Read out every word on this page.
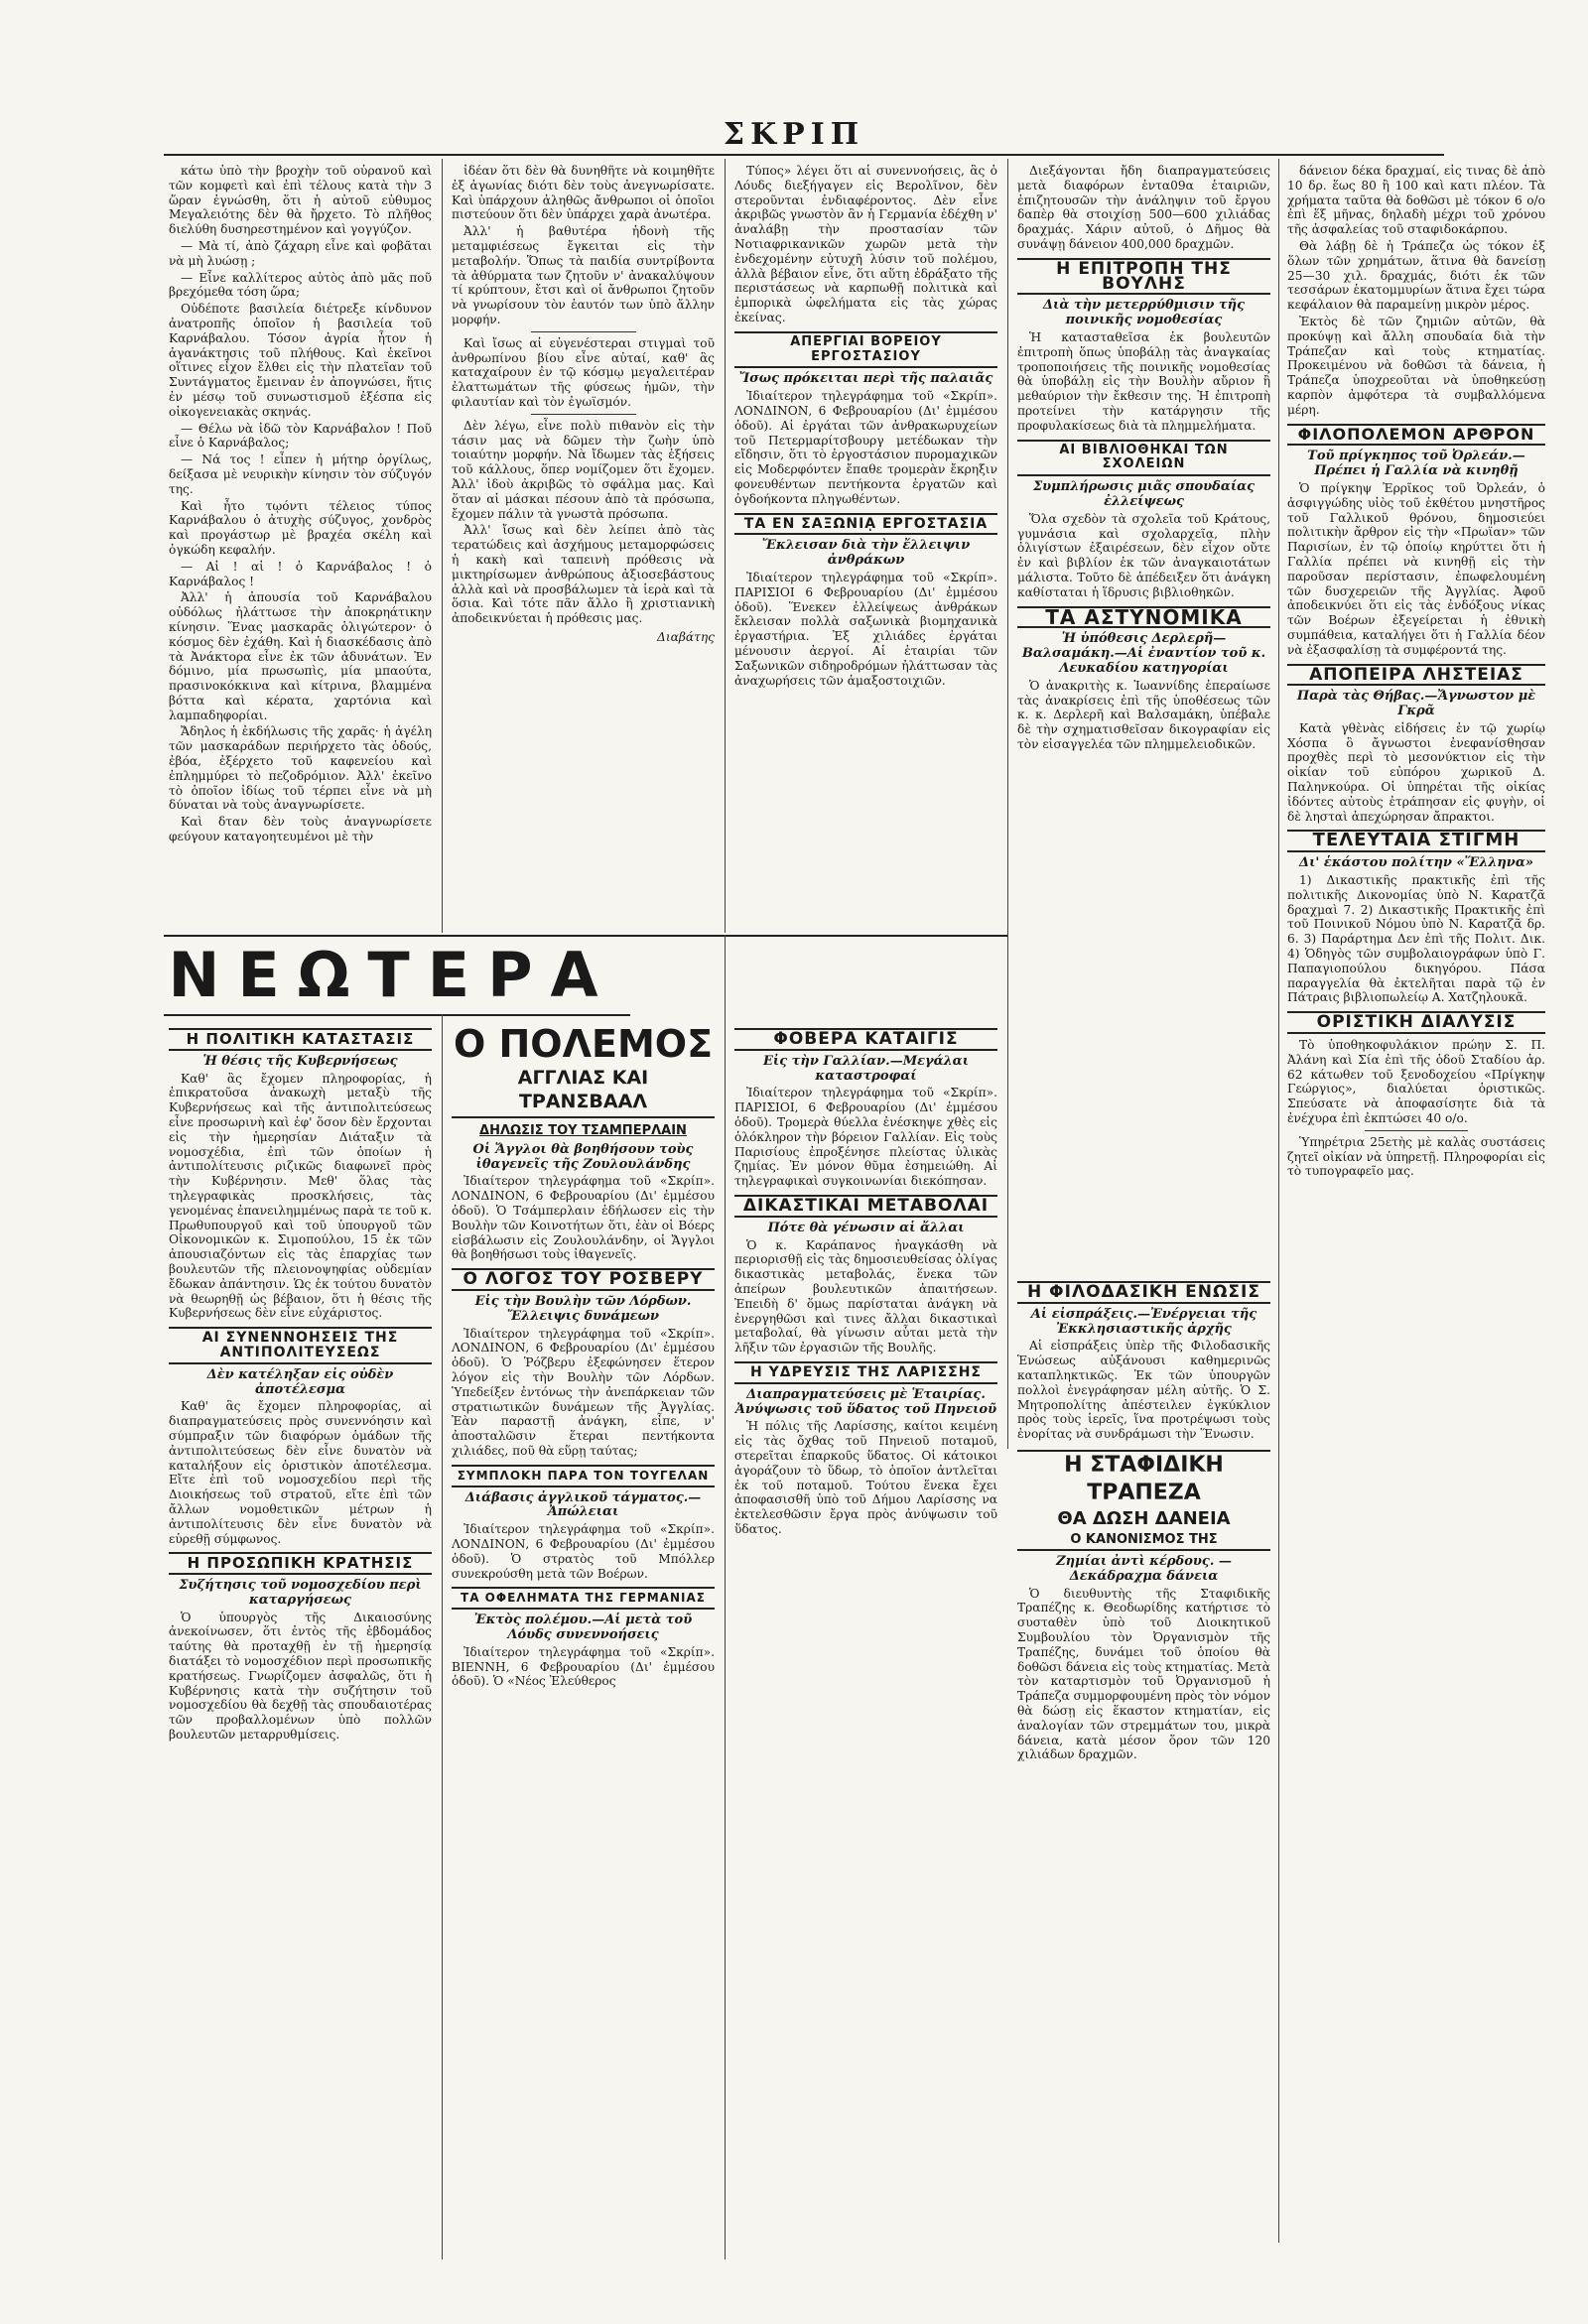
ΣΚΡΙΠ

κάτω ὑπὸ τὴν βροχὴν τοῦ οὐρανοῦ καὶ τῶν κομφετὶ καὶ ἐπὶ τέλους κατὰ τὴν 3 ὥραν ἐγνώσθη, ὅτι ἡ αὐτοῦ εὐθυμος Μεγαλειότης δὲν θὰ ἤρχετο. Τὸ πλῆθος διελύθη δυσηρεστημένον καὶ γογγύζον.

— Μὰ τί, ἀπὸ ζάχαρη εἶνε καὶ φοβᾶται νὰ μὴ λυώσῃ ;

— Εἶνε καλλίτερος αὐτὸς ἀπὸ μᾶς ποῦ βρεχόμεθα τόση ὥρα;

Οὐδέποτε βασιλεία διέτρεξε κίνδυνον ἀνατροπῆς ὁποῖον ἡ βασιλεία τοῦ Καρνάβαλου. Τόσον ἀγρία ἦτον ἡ ἀγανάκτησις τοῦ πλήθους. Καὶ ἐκεῖνοι οἵτινες εἶχον ἔλθει εἰς τὴν πλατεῖαν τοῦ Συντάγματος ἔμειναν ἐν ἀπογνώσει, ἥτις ἐν μέσῳ τοῦ συνωστισμοῦ ἐξέσπα εἰς οἰκογενειακὰς σκηνάς.

— Θέλω νὰ ἰδῶ τὸν Καρνάβαλον ! Ποῦ εἶνε ὁ Καρνάβαλος;

— Νά τος ! εἶπεν ἡ μήτηρ ὀργίλως, δείξασα μὲ νευρικὴν κίνησιν τὸν σύζυγόν της.

Καὶ ἦτο τῳόντι τέλειος τύπος Καρνάβαλου ὁ ἀτυχὴς σύζυγος, χονδρὸς καὶ προγάστωρ μὲ βραχέα σκέλη καὶ ὀγκώδη κεφαλήν.

— Αἱ ! αἱ ! ὁ Καρνάβαλος ! ὁ Καρνάβαλος !

Ἀλλ' ἡ ἀπουσία τοῦ Καρνάβαλου οὐδόλως ἠλάττωσε τὴν ἀποκρηάτικην κίνησιν. Ἕνας μασκαρᾶς ὁλιγώτερον· ὁ κόσμος δὲν ἐχάθη. Καὶ ἡ διασκέδασις ἀπὸ τὰ Ἀνάκτορα εἶνε ἐκ τῶν ἀδυνάτων. Ἐν δόμινο, μία πρωσωπὶς, μία μπαούτα, πρασινοκόκκινα καὶ κίτρινα, βλαμμένα βόττα καὶ κέρατα, χαρτόνια καὶ λαμπαδηφορίαι.

Ἄδηλος ἡ ἐκδήλωσις τῆς χαρᾶς· ἡ ἀγέλη τῶν μασκαράδων περιήρχετο τὰς ὁδούς, ἐβόα, ἐξέρχετο τοῦ καφενείου καὶ ἐπλημμύρει τὸ πεζοδρόμιον. Ἀλλ' ἐκεῖνο τὸ ὁποῖον ἰδίως τοῦ τέρπει εἶνε νὰ μὴ δύναται νὰ τοὺς ἀναγνωρίσετε.

Καὶ δταν δὲν τοὺς ἀναγνωρίσετε φεύγουν καταγοητευμένοι μὲ τὴν

ἰδέαν ὅτι δὲν θὰ δυνηθῆτε νὰ κοιμηθῆτε ἐξ ἀγωνίας διότι δὲν τοὺς ἀνεγνωρίσατε. Καὶ ὑπάρχουν ἀληθῶς ἄνθρωποι οἱ ὁποῖοι πιστεύουν ὅτι δὲν ὑπάρχει χαρὰ ἀνωτέρα.

Ἀλλ' ἡ βαθυτέρα ἡδονὴ τῆς μεταμφιέσεως ἔγκειται εἰς τὴν μεταβολήν. Ὅπως τὰ παιδία συντρίβοντα τὰ ἀθύρματα των ζητοῦν ν' ἀνακαλύψουν τί κρύπτουν, ἔτσι καὶ οἱ ἄνθρωποι ζητοῦν νὰ γνωρίσουν τὸν ἑαυτόν των ὑπὸ ἄλλην μορφήν.

Καὶ ἴσως αἱ εὐγενέστεραι στιγμαὶ τοῦ ἀνθρωπίνου βίου εἶνε αὐταί, καθ' ἃς καταχαίρουν ἐν τῷ κόσμῳ μεγαλειτέραν ἐλαττωμάτων τῆς φύσεως ἡμῶν, τὴν φιλαυτίαν καὶ τὸν ἐγωϊσμόν.

Δὲν λέγω, εἶνε πολὺ πιθανὸν εἰς τὴν τάσιν μας νὰ δῶμεν τὴν ζωὴν ὑπὸ τοιαύτην μορφήν. Νὰ ἴδωμεν τὰς ἐξήσεις τοῦ κάλλους, ὅπερ νομίζομεν ὅτι ἔχομεν. Ἀλλ' ἰδοὺ ἀκριβῶς τὸ σφάλμα μας. Καὶ ὅταν αἱ μάσκαι πέσουν ἀπὸ τὰ πρόσωπα, ἔχομεν πάλιν τὰ γνωστὰ πρόσωπα.

Ἀλλ' ἴσως καὶ δὲν λείπει ἀπὸ τὰς τερατώδεις καὶ ἀσχήμους μεταμορφώσεις ἡ κακὴ καὶ ταπεινὴ πρόθεσις νὰ μικτηρίσωμεν ἀνθρώπους ἀξιοσεβάστους ἀλλὰ καὶ νὰ προσβάλωμεν τὰ ἱερὰ καὶ τὰ ὅσια. Καὶ τότε πᾶν ἄλλο ἢ χριστιανικὴ ἀποδεικνύεται ἡ πρόθεσις μας.

Διαβάτης

Τύπος» λέγει ὅτι αἱ συνεννοήσεις, ἃς ὁ Λόυδς διεξήγαγεν εἰς Βερολῖνον, δὲν στεροῦνται ἐνδιαφέροντος. Δὲν εἶνε ἀκριβῶς γνωστὸν ἂν ἡ Γερμανία ἐδέχθη ν' ἀναλάβῃ τὴν προστασίαν τῶν Νοτιαφρικανικῶν χωρῶν μετὰ τὴν ἐνδεχομένην εὐτυχῆ λύσιν τοῦ πολέμου, ἀλλὰ βέβαιον εἶνε, ὅτι αὕτη ἐδράξατο τῆς περιστάσεως νὰ καρπωθῇ πολιτικὰ καὶ ἐμπορικὰ ὠφελήματα εἰς τὰς χώρας ἐκείνας.

ΑΠΕΡΓΙΑΙ ΒΟΡΕΙΟΥ ΕΡΓΟΣΤΑΣΙΟΥ
Ἴσως πρόκειται περὶ τῆς παλαιᾶς

Ἰδιαίτερον τηλεγράφημα τοῦ «Σκρίπ». ΛΟΝΔΙΝΟΝ, 6 Φεβρουαρίου (Δι' ἐμμέσου ὁδοῦ). Αἱ ἐργάται τῶν ἀνθρακωρυχείων τοῦ Πετερμαρίτσβουργ μετέδωκαν τὴν εἴδησιν, ὅτι τὸ ἐργοστάσιον πυρομαχικῶν εἰς Μοδερφόντεν ἔπαθε τρομερὰν ἔκρηξιν φονευθέντων πεντήκοντα ἐργατῶν καὶ ὀγδοήκοντα πληγωθέντων.

ΤΑ ΕΝ ΣΑΞΩΝΙᾼ ΕΡΓΟΣΤΑΣΙΑ
Ἔκλεισαν διὰ τὴν ἔλλειψιν ἀνθράκων

Ἰδιαίτερον τηλεγράφημα τοῦ «Σκρίπ». ΠΑΡΙΣΙΟΙ 6 Φεβρουαρίου (Δι' ἐμμέσου ὁδοῦ). Ἕνεκεν ἐλλείψεως ἀνθράκων ἔκλεισαν πολλὰ σαξωνικὰ βιομηχανικὰ ἐργαστήρια. Ἐξ χιλιάδες ἐργάται μένουσιν ἀεργοί. Αἱ ἑταιρίαι τῶν Σαξωνικῶν σιδηροδρόμων ἠλάττωσαν τὰς ἀναχωρήσεις τῶν ἁμαξοστοιχιῶν.

Διεξάγονται ἤδη διαπραγματεύσεις μετὰ διαφόρων ἐντα09α ἑταιριῶν, ἐπιζητουσῶν τὴν ἀνάληψιν τοῦ ἔργου δαπὲρ θὰ στοιχίσῃ 500—600 χιλιάδας δραχμάς. Χάριν αὐτοῦ, ὁ Δῆμος θὰ συνάψῃ δάνειον 400,000 δραχμῶν.

Η ΕΠΙΤΡΟΠΗ ΤΗΣ ΒΟΥΛΗΣ
Διὰ τὴν μετερρύθμισιν τῆς ποινικῆς νομοθεσίας

Ἡ κατασταθεῖσα ἐκ βουλευτῶν ἐπιτροπὴ ὅπως ὑποβάλῃ τὰς ἀναγκαίας τροποποιήσεις τῆς ποινικῆς νομοθεσίας θὰ ὑποβάλῃ εἰς τὴν Βουλὴν αὔριον ἢ μεθαύριον τὴν ἔκθεσιν της. Ἡ ἐπιτροπὴ προτείνει τὴν κατάργησιν τῆς προφυλακίσεως διὰ τὰ πλημμελήματα.

ΑΙ ΒΙΒΛΙΟΘΗΚΑΙ ΤΩΝ ΣΧΟΛΕΙΩΝ
Συμπλήρωσις μιᾶς σπουδαίας ἐλλείψεως

Ὅλα σχεδὸν τὰ σχολεῖα τοῦ Κράτους, γυμνάσια καὶ σχολαρχεῖα, πλὴν ὀλιγίστων ἐξαιρέσεων, δὲν εἶχον οὔτε ἐν καὶ βιβλίον ἐκ τῶν ἀναγκαιοτάτων μάλιστα. Τοῦτο δὲ ἀπέδειξεν ὅτι ἀνάγκη καθίσταται ἡ ἵδρυσις βιβλιοθηκῶν.

ΤΑ ΑΣΤΥΝΟΜΙΚΑ
Ἡ ὑπόθεσις Δερλερῆ—Βαλσαμάκη.—Αἱ ἐναντίον τοῦ κ. Λευκαδίου κατηγορίαι

Ὁ ἀνακριτὴς κ. Ἰωαννίδης ἐπεραίωσε τὰς ἀνακρίσεις ἐπὶ τῆς ὑποθέσεως τῶν κ. κ. Δερλερῆ καὶ Βαλσαμάκη, ὑπέβαλε δὲ τὴν σχηματισθεῖσαν δικογραφίαν εἰς τὸν εἰσαγγελέα τῶν πλημμελειοδικῶν.

δάνειον δέκα δραχμαί, εἰς τινας δὲ ἀπὸ 10 δρ. ἕως 80 ἢ 100 καὶ κατι πλέον. Τὰ χρήματα ταῦτα θὰ δοθῶσι μὲ τόκον 6 ο/ο ἐπὶ ἕξ μῆνας, δηλαδὴ μέχρι τοῦ χρόνου τῆς ἀσφαλείας τοῦ σταφιδοκάρπου.

Θὰ λάβῃ δὲ ἡ Τράπεζα ὡς τόκον ἐξ ὅλων τῶν χρημάτων, ἅτινα θὰ δανείσῃ 25—30 χιλ. δραχμάς, διότι ἐκ τῶν τεσσάρων ἑκατομμυρίων ἅτινα ἔχει τώρα κεφάλαιον θὰ παραμείνῃ μικρὸν μέρος.

Ἐκτὸς δὲ τῶν ζημιῶν αὐτῶν, θὰ προκύψῃ καὶ ἄλλη σπουδαία διὰ τὴν Τράπεζαν καὶ τοὺς κτηματίας. Προκειμένου νὰ δοθῶσι τὰ δάνεια, ἡ Τράπεζα ὑποχρεοῦται νὰ ὑποθηκεύσῃ καρπὸν ἀμφότερα τὰ συμβαλλόμενα μέρη.

ΦΙΛΟΠΟΛΕΜΟΝ ΑΡΘΡΟΝ
Τοῦ πρίγκηπος τοῦ Ὀρλεάν.— Πρέπει ἡ Γαλλία νὰ κινηθῇ

Ὁ πρίγκηψ Ἐρρῖκος τοῦ Ὀρλεάν, ὁ ἀσφιγγώδης υἱὸς τοῦ ἐκθέτου μνηστῆρος τοῦ Γαλλικοῦ θρόνου, δημοσιεύει πολιτικὴν ἄρθρον εἰς τὴν «Πρωϊαν» τῶν Παρισίων, ἐν τῷ ὁποίῳ κηρύττει ὅτι ἡ Γαλλία πρέπει νὰ κινηθῇ εἰς τὴν παροῦσαν περίστασιν, ἐπωφελουμένη τῶν δυσχερειῶν τῆς Ἀγγλίας. Ἀφοῦ ἀποδεικνύει ὅτι εἰς τὰς ἐνδόξους νίκας τῶν Βοέρων ἐξεγείρεται ἡ ἐθνικὴ συμπάθεια, καταλήγει ὅτι ἡ Γαλλία δέον νὰ ἐξασφαλίσῃ τὰ συμφέροντά της.

ΑΠΟΠΕΙΡΑ ΛΗΣΤΕΙΑΣ
Παρὰ τὰς Θήβας.—Ἄγνωστον μὲ Γκρᾶ

Κατὰ γθὲνὰς εἰδήσεις ἐν τῷ χωρίῳ Χόσπα ὃ ἄγνωστοι ἐνεφανίσθησαν προχθὲς περὶ τὸ μεσονύκτιον εἰς τὴν οἰκίαν τοῦ εὐπόρου χωρικοῦ Δ. Παληνκούρα. Οἱ ὑπηρέται τῆς οἰκίας ἰδόντες αὐτοὺς ἐτράπησαν εἰς φυγὴν, οἱ δὲ λησταὶ ἀπεχώρησαν ἄπρακτοι.

ΤΕΛΕΥΤΑΙΑ ΣΤΙΓΜΗ
Δι' ἑκάστου πολίτην «Ἕλληνα»

1) Δικαστικῆς πρακτικῆς ἐπὶ τῆς πολιτικῆς Δικονομίας ὑπὸ Ν. Καρατζᾶ δραχμαὶ 7. 2) Δικαστικῆς Πρακτικῆς ἐπὶ τοῦ Ποινικοῦ Νόμου ὑπὸ Ν. Καρατζᾶ δρ. 6. 3) Παράρτημα Δεν ἐπὶ τῆς Πολιτ. Δικ. 4) Ὁδηγὸς τῶν συμβολαιογράφων ὑπὸ Γ. Παπαγιοπούλου δικηγόρου. Πάσα παραγγελία θὰ ἐκτελῆται παρὰ τῷ ἐν Πάτραις βιβλιοπωλείῳ Α. Χατζηλουκᾶ.

ΟΡΙΣΤΙΚΗ ΔΙΑΛΥΣΙΣ

Τὸ ὑποθηκοφυλάκιον πρώην Σ. Π. Ἀλάνη καὶ Σία ἐπὶ τῆς ὁδοῦ Σταδίου ἀρ. 62 κάτωθεν τοῦ ξενοδοχείου «Πρίγκηψ Γεώργιος», διαλύεται ὁριστικῶς. Σπεύσατε νὰ ἀποφασίσητε διὰ τὰ ἐνέχυρα ἐπὶ ἐκπτώσει 40 ο/ο.

Ὑπηρέτρια 25ετὴς μὲ καλὰς συστάσεις ζητεῖ οἰκίαν νὰ ὑπηρετῇ. Πληροφορίαι εἰς τὸ τυπογραφεῖο μας.

ΝΕΩΤΕΡΑ
Η ΠΟΛΙΤΙΚΗ ΚΑΤΑΣΤΑΣΙΣ
Ἡ θέσις τῆς Κυβερνήσεως

Καθ' ἃς ἔχομεν πληροφορίας, ἡ ἐπικρατοῦσα ἀνακωχὴ μεταξὺ τῆς Κυβερνήσεως καὶ τῆς ἀντιπολιτεύσεως εἶνε προσωρινὴ καὶ ἐφ' ὅσον δὲν ἔρχονται εἰς τὴν ἡμερησίαν Διάταξιν τὰ νομοσχέδια, ἐπὶ τῶν ὁποίων ἡ ἀντιπολίτευσις ριζικῶς διαφωνεῖ πρὸς τὴν Κυβέρνησιν. Μεθ' ὅλας τὰς τηλεγραφικὰς προσκλήσεις, τὰς γενομένας ἐπανειλημμένως παρὰ τε τοῦ κ. Πρωθυπουργοῦ καὶ τοῦ ὑπουργοῦ τῶν Οἰκονομικῶν κ. Σιμοπούλου, 15 ἐκ τῶν ἀπουσιαζόντων εἰς τὰς ἐπαρχίας των βουλευτῶν τῆς πλειονοψηφίας οὐδεμίαν ἔδωκαν ἀπάντησιν. Ὡς ἐκ τούτου δυνατὸν νὰ θεωρηθῇ ὡς βέβαιον, ὅτι ἡ θέσις τῆς Κυβερνήσεως δὲν εἶνε εὐχάριστος.

ΑΙ ΣΥΝΕΝΝΟΗΣΕΙΣ ΤΗΣ ΑΝΤΙΠΟΛΙΤΕΥΣΕΩΣ
Δὲν κατέληξαν εἰς οὐδὲν ἀποτέλεσμα

Καθ' ἃς ἔχομεν πληροφορίας, αἱ διαπραγματεύσεις πρὸς συνεννόησιν καὶ σύμπραξιν τῶν διαφόρων ὁμάδων τῆς ἀντιπολιτεύσεως δὲν εἶνε δυνατὸν νὰ καταλήξουν εἰς ὁριστικὸν ἀποτέλεσμα. Εἴτε ἐπὶ τοῦ νομοσχεδίου περὶ τῆς Διοικήσεως τοῦ στρατοῦ, εἴτε ἐπὶ τῶν ἄλλων νομοθετικῶν μέτρων ἡ ἀντιπολίτευσις δὲν εἶνε δυνατὸν νὰ εὑρεθῇ σύμφωνος.

Η ΠΡΟΣΩΠΙΚΗ ΚΡΑΤΗΣΙΣ
Συζήτησις τοῦ νομοσχεδίου περὶ καταργήσεως

Ὁ ὑπουργὸς τῆς Δικαιοσύνης ἀνεκοίνωσεν, ὅτι ἐντὸς τῆς ἑβδομάδος ταύτης θὰ προταχθῇ ἐν τῇ ἡμερησίᾳ διατάξει τὸ νομοσχέδιον περὶ προσωπικῆς κρατήσεως. Γνωρίζομεν ἀσφαλῶς, ὅτι ἡ Κυβέρνησις κατὰ τὴν συζήτησιν τοῦ νομοσχεδίου θὰ δεχθῇ τὰς σπουδαιοτέρας τῶν προβαλλομένων ὑπὸ πολλῶν βουλευτῶν μεταρρυθμίσεις.

Ο ΠΟΛΕΜΟΣ
ΑΓΓΛΙΑΣ ΚΑΙ ΤΡΑΝΣΒΑΑΛ
ΔΗΛΩΣΙΣ ΤΟΥ ΤΣΑΜΠΕΡΛΑΙΝ
Οἱ Ἄγγλοι θὰ βοηθήσουν τοὺς ἰθαγενεῖς τῆς Ζουλουλάνδης

Ἰδιαίτερον τηλεγράφημα τοῦ «Σκρίπ». ΛΟΝΔΙΝΟΝ, 6 Φεβρουαρίου (Δι' ἐμμέσου ὁδοῦ). Ὁ Τσάμπερλαιν ἐδήλωσεν εἰς τὴν Βουλὴν τῶν Κοινοτήτων ὅτι, ἐὰν οἱ Βόερς εἰσβάλωσιν εἰς Ζουλουλάνδην, οἱ Ἄγγλοι θὰ βοηθήσωσι τοὺς ἰθαγενεῖς.

Ο ΛΟΓΟΣ ΤΟΥ ΡΟΣΒΕΡΥ
Εἰς τὴν Βουλὴν τῶν Λόρδων. Ἔλλειψις δυνάμεων

Ἰδιαίτερον τηλεγράφημα τοῦ «Σκρίπ». ΛΟΝΔΙΝΟΝ, 6 Φεβρουαρίου (Δι' ἐμμέσου ὁδοῦ). Ὁ Ῥόζβερυ ἐξεφώνησεν ἕτερον λόγον εἰς τὴν Βουλὴν τῶν Λόρδων. Ὑπεδείξεν ἐντόνως τὴν ἀνεπάρκειαν τῶν στρατιωτικῶν δυνάμεων τῆς Ἀγγλίας. Ἐὰν παραστῇ ἀνάγκη, εἶπε, ν' ἀποσταλῶσιν ἕτεραι πεντήκοντα χιλιάδες, ποῦ θὰ εὕρῃ ταύτας;

ΣΥΜΠΛΟΚΗ ΠΑΡΑ ΤΟΝ ΤΟΥΓΕΛΑΝ
Διάβασις ἀγγλικοῦ τάγματος.— Ἀπώλειαι

Ἰδιαίτερον τηλεγράφημα τοῦ «Σκρίπ». ΛΟΝΔΙΝΟΝ, 6 Φεβρουαρίου (Δι' ἐμμέσου ὁδοῦ). Ὁ στρατὸς τοῦ Μπόλλερ συνεκρούσθη μετὰ τῶν Βοέρων.

ΤΑ ΟΦΕΛΗΜΑΤΑ ΤΗΣ ΓΕΡΜΑΝΙΑΣ
Ἐκτὸς πολέμου.—Αἱ μετὰ τοῦ Λόυδς συνεννοήσεις

Ἰδιαίτερον τηλεγράφημα τοῦ «Σκρίπ». ΒΙΕΝΝΗ, 6 Φεβρουαρίου (Δι' ἐμμέσου ὁδοῦ). Ὁ «Νέος Ἐλεύθερος

ΦΟΒΕΡΑ ΚΑΤΑΙΓΙΣ
Εἰς τὴν Γαλλίαν.—Μεγάλαι καταστροφαί

Ἰδιαίτερον τηλεγράφημα τοῦ «Σκρίπ». ΠΑΡΙΣΙΟΙ, 6 Φεβρουαρίου (Δι' ἐμμέσου ὁδοῦ). Τρομερὰ θύελλα ἐνέσκηψε χθὲς εἰς ὁλόκληρον τὴν βόρειον Γαλλίαν. Εἰς τοὺς Παρισίους ἐπροξένησε πλείστας ὑλικὰς ζημίας. Ἐν μόνον θῦμα ἐσημειώθη. Αἱ τηλεγραφικαὶ συγκοινωνίαι διεκόπησαν.

ΔΙΚΑΣΤΙΚΑΙ ΜΕΤΑΒΟΛΑΙ
Πότε θὰ γένωσιν αἱ ἄλλαι

Ὁ κ. Καράπανος ἠναγκάσθη νὰ περιορισθῇ εἰς τὰς δημοσιευθείσας ὀλίγας δικαστικὰς μεταβολάς, ἕνεκα τῶν ἀπείρων βουλευτικῶν ἀπαιτήσεων. Ἐπειδὴ δ' ὅμως παρίσταται ἀνάγκη νὰ ἐνεργηθῶσι καὶ τινες ἄλλαι δικαστικαὶ μεταβολαί, θὰ γίνωσιν αὗται μετὰ τὴν λῆξιν τῶν ἐργασιῶν τῆς Βουλῆς.

Η ΥΔΡΕΥΣΙΣ ΤΗΣ ΛΑΡΙΣΣΗΣ
Διαπραγματεύσεις μὲ Ἑταιρίας. Ἀνύψωσις τοῦ ὕδατος τοῦ Πηνειοῦ

Ἡ πόλις τῆς Λαρίσσης, καίτοι κειμένη εἰς τὰς ὄχθας τοῦ Πηνειοῦ ποταμοῦ, στερεῖται ἐπαρκοῦς ὕδατος. Οἱ κάτοικοι ἀγοράζουν τὸ ὕδωρ, τὸ ὁποῖον ἀντλεῖται ἐκ τοῦ ποταμοῦ. Τούτου ἕνεκα ἔχει ἀποφασισθῆ ὑπὸ τοῦ Δήμου Λαρίσσης να ἐκτελεσθῶσιν ἔργα πρὸς ἀνύψωσιν τοῦ ὕδατος.

Η ΦΙΛΟΔΑΣΙΚΗ ΕΝΩΣΙΣ
Αἱ εἰσπράξεις.—Ἐνέργειαι τῆς Ἐκκλησιαστικῆς ἀρχῆς

Αἱ εἰσπράξεις ὑπὲρ τῆς Φιλοδασικῆς Ἑνώσεως αὐξάνουσι καθημερινῶς καταπληκτικῶς. Ἐκ τῶν ὑπουργῶν πολλοὶ ἐνεγράφησαν μέλη αὐτῆς. Ὁ Σ. Μητροπολίτης ἀπέστειλεν ἐγκύκλιον πρὸς τοὺς ἱερεῖς, ἵνα προτρέψωσι τοὺς ἐνορίτας νὰ συνδράμωσι τὴν Ἕνωσιν.

Η ΣΤΑΦΙΔΙΚΗ ΤΡΑΠΕΖΑ
ΘΑ ΔΩΣΗ ΔΑΝΕΙΑ
Ο ΚΑΝΟΝΙΣΜΟΣ ΤΗΣ
Ζημίαι ἀντὶ κέρδους. — Δεκάδραχμα δάνεια

Ὁ διευθυντὴς τῆς Σταφιδικῆς Τραπέζης κ. Θεοδωρίδης κατήρτισε τὸ συσταθὲν ὑπὸ τοῦ Διοικητικοῦ Συμβουλίου τὸν Ὀργανισμὸν τῆς Τραπέζης, δυνάμει τοῦ ὁποίου θὰ δοθῶσι δάνεια εἰς τοὺς κτηματίας. Μετὰ τὸν καταρτισμὸν τοῦ Ὀργανισμοῦ ἡ Τράπεζα συμμορφουμένη πρὸς τὸν νόμον θὰ δώσῃ εἰς ἕκαστον κτηματίαν, εἰς ἀναλογίαν τῶν στρεμμάτων του, μικρὰ δάνεια, κατὰ μέσον ὅρον τῶν 120 χιλιάδων δραχμῶν.
